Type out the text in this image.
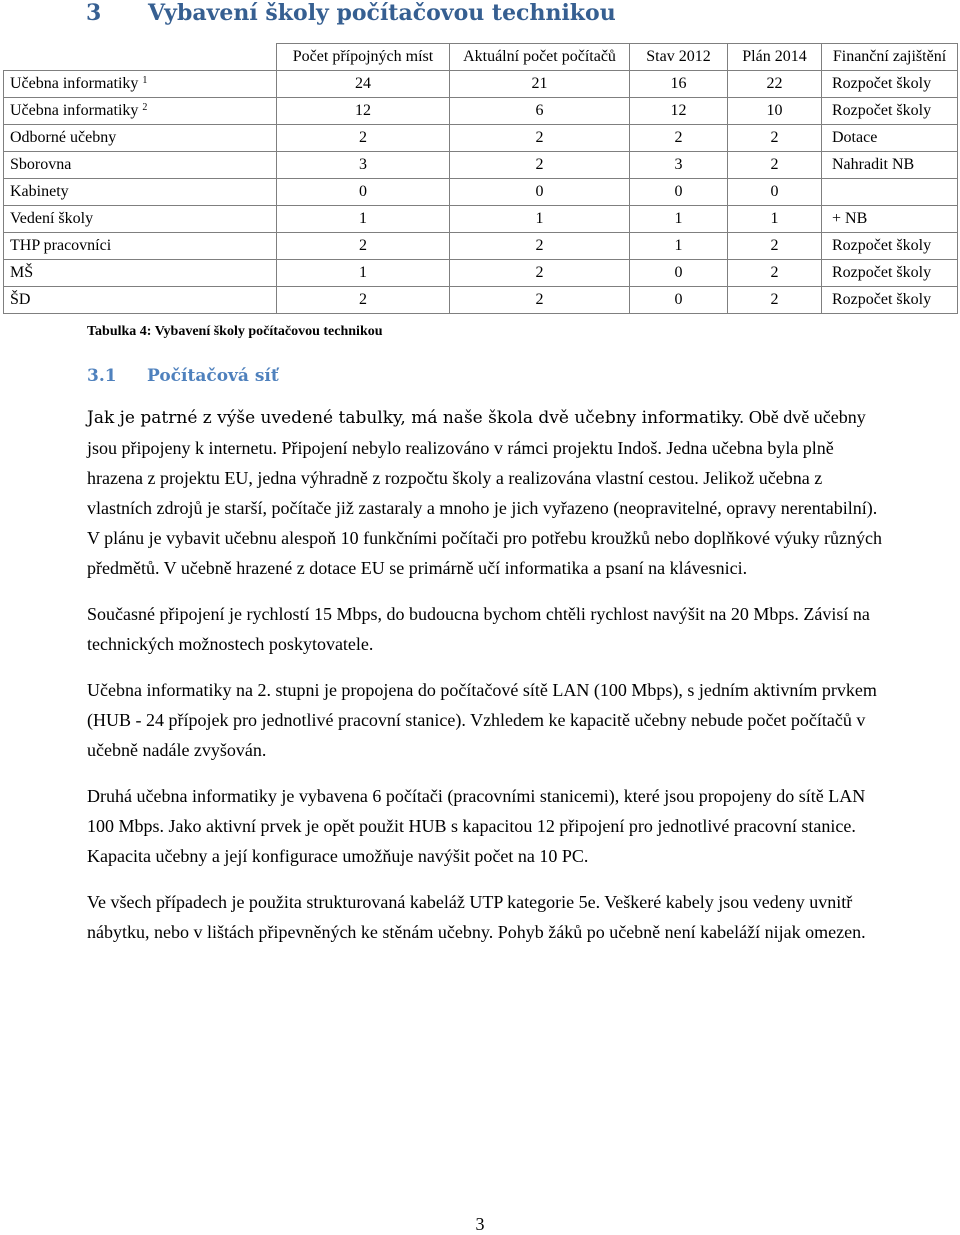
3 Vybavení školy počítačovou technikou
	Počet přípojných míst	Aktuální počet počítačů	Stav 2012	Plán 2014	Finanční zajištění
Učebna informatiky $^1$	24	21	16	22	Rozpočet školy
Učebna informatiky $^2$	12	6	12	10	Rozpočet školy
Odborné učebny	2	2	2	2	Dotace
Sborovna	3	2	3	2	Nahradit NB
Kabinety	0	0	0	0	
Vedení školy	1	1	1	1	+ NB
THP pracovníci	2	2	1	2	Rozpočet školy
MŠ	1	2	0	2	Rozpočet školy
ŠD	2	2	0	2	Rozpočet školy
Tabulka 4: Vybavení školy počítačovou technikou
3.1 Počítačová síť

Jak je patrné z výše uvedené tabulky, má naše škola dvě učebny informatiky. Obě dvě učebny jsou připojeny k internetu. Připojení nebylo realizováno v rámci projektu Indoš. Jedna učebna byla plně hrazena z projektu EU, jedna výhradně z rozpočtu školy a realizována vlastní cestou. Jelikož učebna z vlastních zdrojů je starší, počítače již zastaraly a mnoho je jich vyřazeno (neopravitelné, opravy nerentabilní). V plánu je vybavit učebnu alespoň 10 funkčními počítači pro potřebu kroužků nebo doplňkové výuky různých předmětů. V učebně hrazené z dotace EU se primárně učí informatika a psaní na klávesnici.

Současné připojení je rychlostí 15 Mbps, do budoucna bychom chtěli rychlost navýšit na 20 Mbps. Závisí na technických možnostech poskytovatele.

Učebna informatiky na 2. stupni je propojena do počítačové sítě LAN (100 Mbps), s jedním aktivním prvkem (HUB - 24 přípojek pro jednotlivé pracovní stanice). Vzhledem ke kapacitě učebny nebude počet počítačů v učebně nadále zvyšován.

Druhá učebna informatiky je vybavena 6 počítači (pracovními stanicemi), které jsou propojeny do sítě LAN 100 Mbps. Jako aktivní prvek je opět použit HUB s kapacitou 12 připojení pro jednotlivé pracovní stanice. Kapacita učebny a její konfigurace umožňuje navýšit počet na 10 PC.

Ve všech případech je použita strukturovaná kabeláž UTP kategorie 5e. Veškeré kabely jsou vedeny uvnitř nábytku, nebo v lištách připevněných ke stěnám učebny. Pohyb žáků po učebně není kabeláží nijak omezen.

3
